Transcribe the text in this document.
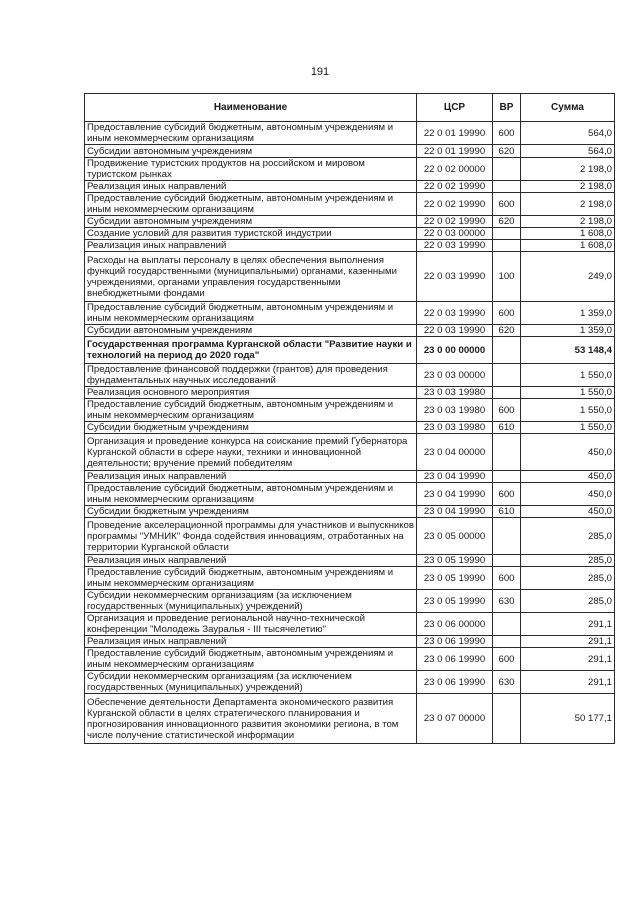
191
Наименование	ЦСР	ВР	Сумма
Предоставление субсидий бюджетным, автономным учреждениям и иным некоммерческим организациям	22 0 01 19990	600	564,0
Субсидии автономным учреждениям	22 0 01 19990	620	564,0
Продвижение туристских продуктов на российском и мировом туристском рынках	22 0 02 00000		2 198,0
Реализация иных направлений	22 0 02 19990		2 198,0
Предоставление субсидий бюджетным, автономным учреждениям и иным некоммерческим организациям	22 0 02 19990	600	2 198,0
Субсидии автономным учреждениям	22 0 02 19990	620	2 198,0
Создание условий для развития туристской индустрии	22 0 03 00000		1 608,0
Реализация иных направлений	22 0 03 19990		1 608,0
Расходы на выплаты персоналу в целях обеспечения выполнения функций государственными (муниципальными) органами, казенными учреждениями, органами управления государственными внебюджетными фондами	22 0 03 19990	100	249,0
Предоставление субсидий бюджетным, автономным учреждениям и иным некоммерческим организациям	22 0 03 19990	600	1 359,0
Субсидии автономным учреждениям	22 0 03 19990	620	1 359,0
Государственная программа Курганской области "Развитие науки и технологий на период до 2020 года"	23 0 00 00000		53 148,4
Предоставление финансовой поддержки (грантов) для проведения фундаментальных научных исследований	23 0 03 00000		1 550,0
Реализация основного мероприятия	23 0 03 19980		1 550,0
Предоставление субсидий бюджетным, автономным учреждениям и иным некоммерческим организациям	23 0 03 19980	600	1 550,0
Субсидии бюджетным учреждениям	23 0 03 19980	610	1 550,0
Организация и проведение конкурса на соискание премий Губернатора Курганской области в сфере науки, техники и инновационной деятельности; вручение премий победителям	23 0 04 00000		450,0
Реализация иных направлений	23 0 04 19990		450,0
Предоставление субсидий бюджетным, автономным учреждениям и иным некоммерческим организациям	23 0 04 19990	600	450,0
Субсидии бюджетным учреждениям	23 0 04 19990	610	450,0
Проведение акселерационной программы для участников и выпускников программы "УМНИК" Фонда содействия инновациям, отработанных на территории Курганской области	23 0 05 00000		285,0
Реализация иных направлений	23 0 05 19990		285,0
Предоставление субсидий бюджетным, автономным учреждениям и иным некоммерческим организациям	23 0 05 19990	600	285,0
Субсидии некоммерческим организациям (за исключением государственных (муниципальных) учреждений)	23 0 05 19990	630	285,0
Организация и проведение региональной научно-технической конференции "Молодежь Зауралья - III тысячелетию"	23 0 06 00000		291,1
Реализация иных направлений	23 0 06 19990		291,1
Предоставление субсидий бюджетным, автономным учреждениям и иным некоммерческим организациям	23 0 06 19990	600	291,1
Субсидии некоммерческим организациям (за исключением государственных (муниципальных) учреждений)	23 0 06 19990	630	291,1
Обеспечение деятельности Департамента экономического развития Курганской области в целях стратегического планирования и прогнозирования инновационного развития экономики региона, в том числе получение статистической информации	23 0 07 00000		50 177,1
